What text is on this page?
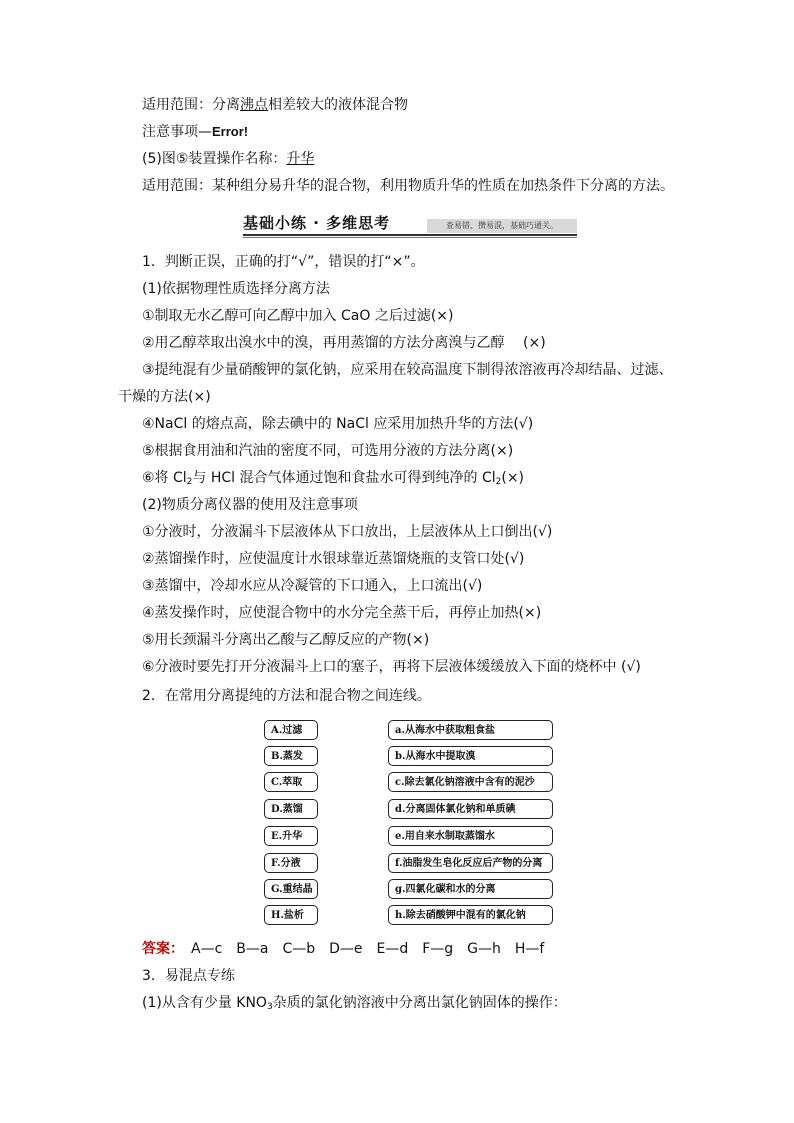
适用范围：分离沸点相差较大的液体混合物
注意事项—Error!
(5)图⑤装置操作名称：升华
适用范围：某种组分易升华的混合物，利用物质升华的性质在加热条件下分离的方法。
基础小练 · 多维思考	查易错、攒易混，基础巧通关。
1．判断正误，正确的打“√”，错误的打“×”。
(1)依据物理性质选择分离方法
①制取无水乙醇可向乙醇中加入 CaO 之后过滤(×)
②用乙醇萃取出溴水中的溴，再用蒸馏的方法分离溴与乙醇　 (×)
③提纯混有少量硝酸钾的氯化钠，应采用在较高温度下制得浓溶液再冷却结晶、过滤、
干燥的方法(×)
④NaCl 的熔点高，除去碘中的 NaCl 应采用加热升华的方法(√)
⑤根据食用油和汽油的密度不同，可选用分液的方法分离(×)
⑥将 $Cl_2$与 HCl 混合气体通过饱和食盐水可得到纯净的 $Cl_2(\times)$
(2)物质分离仪器的使用及注意事项
①分液时，分液漏斗下层液体从下口放出，上层液体从上口倒出(√)
②蒸馏操作时，应使温度计水银球靠近蒸馏烧瓶的支管口处(√)
③蒸馏中，冷却水应从冷凝管的下口通入，上口流出(√)
④蒸发操作时，应使混合物中的水分完全蒸干后，再停止加热(×)
⑤用长颈漏斗分离出乙酸与乙醇反应的产物(×)
⑥分液时要先打开分液漏斗上口的塞子，再将下层液体缓缓放入下面的烧杯中 (√)
2．在常用分离提纯的方法和混合物之间连线。
A.过滤
B.蒸发
C.萃取
D.蒸馏
E.升华
F.分液
G.重结晶
H.盐析
a.从海水中获取粗食盐
b.从海水中提取溴
c.除去氯化钠溶液中含有的泥沙
d.分离固体氯化钠和单质碘
e.用自来水制取蒸馏水
f.油脂发生皂化反应后产物的分离
g.四氯化碳和水的分离
h.除去硝酸钾中混有的氯化钠
答案：　 A—c　B—a　C—b　D—e　E—d　F—g　G—h　H—f
3．易混点专练
(1)从含有少量 $KNO_3$杂质的氯化钠溶液中分离出氯化钠固体的操作：
